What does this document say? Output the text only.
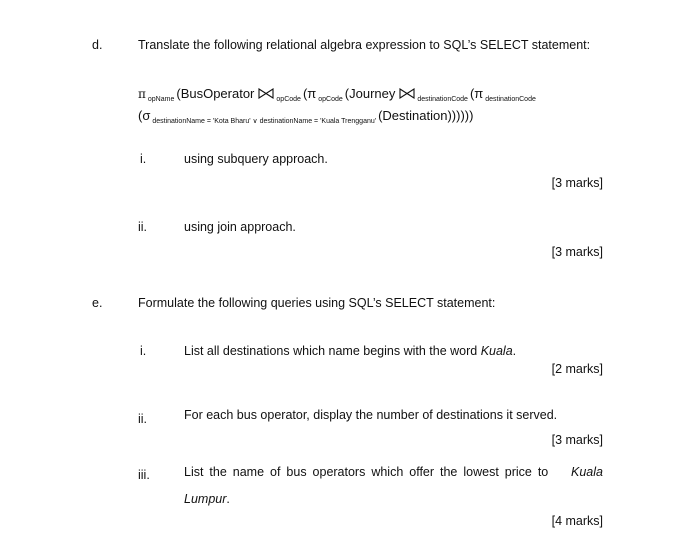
d.	Translate the following relational algebra expression to SQL’s SELECT statement:
π $_{opName}$ (BusOperator	$_{opCode}$ (π $_{opCode}$ (Journey	$_{destinationCode}$ (π $_{destinationCode}$
(σ $_{destinationName = 'Kota Bharu' \vee destinationName = 'Kuala Trengganu'}$ (Destination))))))
i.	using subquery approach.
[3 marks]
ii.	using join approach.
[3 marks]
e.	Formulate the following queries using SQL’s SELECT statement:
i.	List all destinations which name begins with the word Kuala.
[2 marks]
ii.	For each bus operator, display the number of destinations it served.
[3 marks]
iii.	List the name of bus operators which offer the lowest price to Kuala
Lumpur.
[4 marks]
